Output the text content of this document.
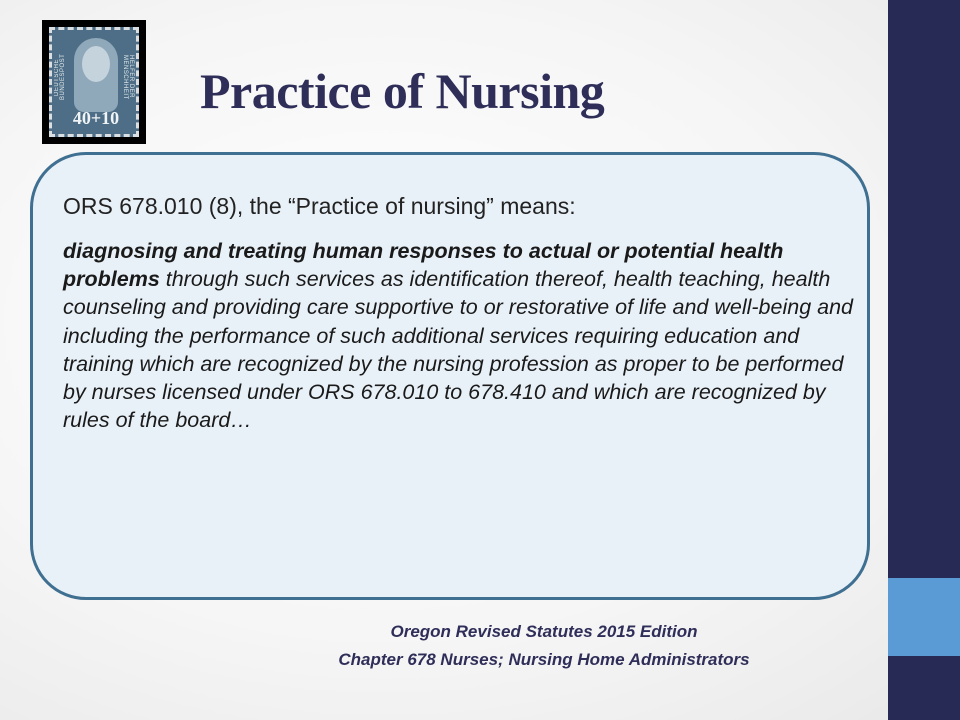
DEUTSCHE BUNDESPOST	HELFER DER MENSCHHEIT
40+10 Practice of Nursing

ORS 678.010 (8), the “Practice of nursing” means:

diagnosing and treating human responses to actual or potential health problems through such services as identification thereof, health teaching, health counseling and providing care supportive to or restorative of life and well-being and including the performance of such additional services requiring education and training which are recognized by the nursing profession as proper to be performed by nurses licensed under ORS 678.010 to 678.410 and which are recognized by rules of the board…

Oregon Revised Statutes 2015 Edition
Chapter 678 Nurses; Nursing Home Administrators
